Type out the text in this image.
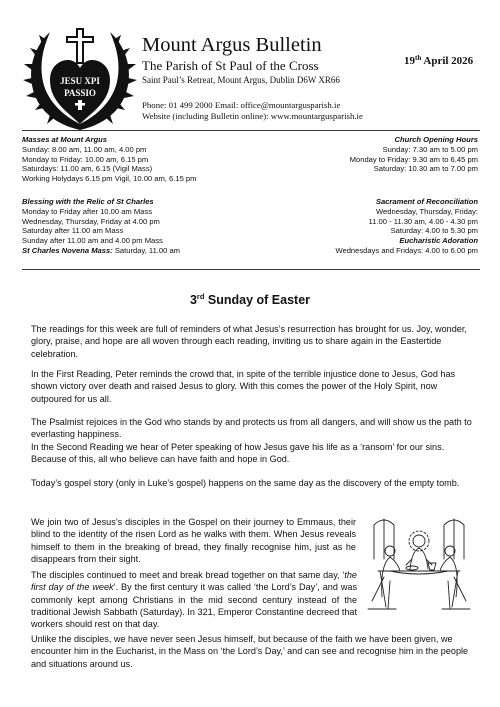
JESU XPI
PASSIO
Mount Argus Bulletin
The Parish of St Paul of the Cross
Saint Paul’s Retreat, Mount Argus, Dublin D6W XR66
Phone: 01 499 2000 Email: office@mountargusparish.ie
Website (including Bulletin online): www.mountargusparish.ie
19th April 2026
Masses at Mount Argus
Sunday: 8.00 am, 11.00 am, 4.00 pm
Monday to Friday: 10.00 am, 6.15 pm
Saturdays: 11.00 am, 6.15 (Vigil Mass)
Working Holydays 6.15 pm Vigil, 10.00 am, 6.15 pm
Church Opening Hours
Sunday: 7.30 am to 5.00 pm
Monday to Friday: 9.30 am to 6.45 pm
Saturday: 10.30 am to 7.00 pm
Blessing with the Relic of St Charles
Monday to Friday after 10.00 am Mass
Wednesday, Thursday, Friday at 4.00 pm
Saturday after 11.00 am Mass
Sunday after 11.00 am and 4.00 pm Mass
St Charles Novena Mass: Saturday, 11.00 am
Sacrament of Reconciliation
Wednesday, Thursday, Friday:
11.00 - 11.30 am, 4.00 - 4.30 pm
Saturday: 4.00 to 5.30 pm
Eucharistic Adoration
Wednesdays and Fridays: 4.00 to 6.00 pm
3rd Sunday of Easter

The readings for this week are full of reminders of what Jesus’s resurrection has brought for us. Joy, wonder, glory, praise, and hope are all woven through each reading, inviting us to share again in the Eastertide celebration.

In the First Reading, Peter reminds the crowd that, in spite of the terrible injustice done to Jesus, God has shown victory over death and raised Jesus to glory. With this comes the power of the Holy Spirit, now outpoured for us all.

The Psalmist rejoices in the God who stands by and protects us from all dangers, and will show us the path to everlasting happiness.

In the Second Reading we hear of Peter speaking of how Jesus gave his life as a ‘ransom’ for our sins. Because of this, all who believe can have faith and hope in God.

Today’s gospel story (only in Luke’s gospel) happens on the same day as the discovery of the empty tomb.

We join two of Jesus’s disciples in the Gospel on their journey to Emmaus, their blind to the identity of the risen Lord as he walks with them. When Jesus reveals himself to them in the breaking of bread, they finally recognise him, just as he disappears from their sight.

The disciples continued to meet and break bread together on that same day, ‘the first day of the week’. By the first century it was called ‘the Lord’s Day’, and was commonly kept among Christians in the mid second century instead of the traditional Jewish Sabbath (Saturday). In 321, Emperor Constantine decreed that workers should rest on that day.

Unlike the disciples, we have never seen Jesus himself, but because of the faith we have been given, we encounter him in the Eucharist, in the Mass on ‘the Lord’s Day,’ and can see and recognise him in the people and situations around us.
